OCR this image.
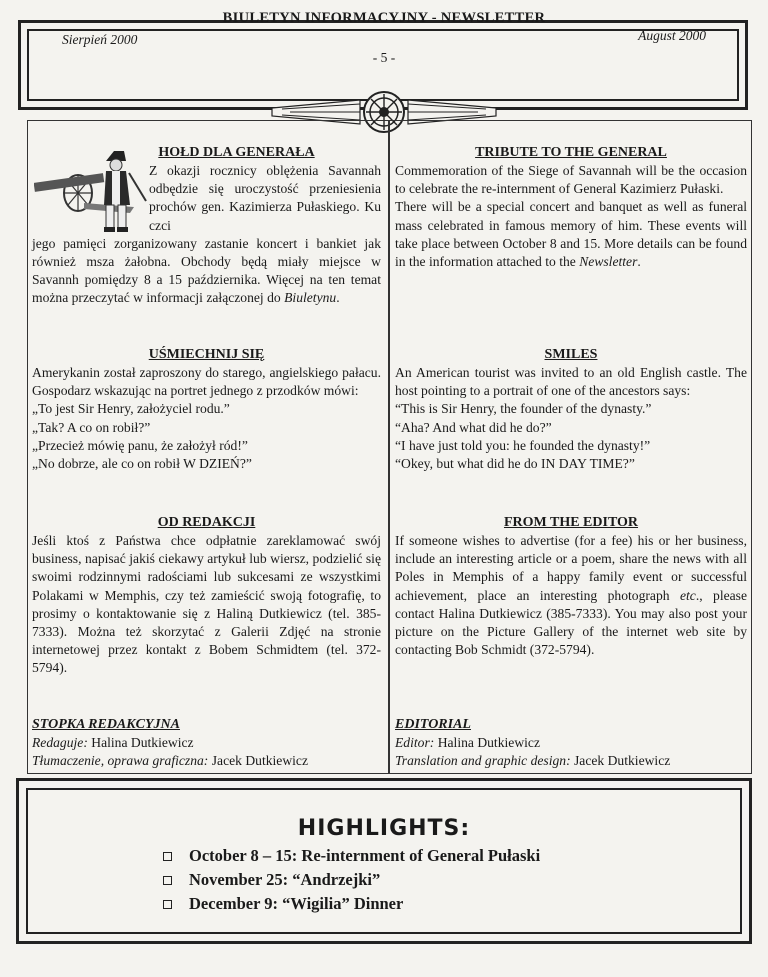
BIULETYN INFORMACYJNY - NEWSLETTER
Sierpień 2000	August 2000
- 5 -
HOŁD DLA GENERAŁA

Z okazji rocznicy oblężenia Savannah odbędzie się uroczystość przeniesienia prochów gen. Kazimierza Pułaskiego. Ku czci
jego pamięci zorganizowany zastanie koncert i bankiet jak również msza żałobna. Obchody będą miały miejsce w Savannh pomiędzy 8 a 15 października. Więcej na ten temat można przeczytać w informacji załączonej do Biuletynu.

UŚMIECHNIJ SIĘ

Amerykanin został zaproszony do starego, angielskiego pałacu. Gospodarz wskazując na portret jednego z przodków mówi:

„To jest Sir Henry, założyciel rodu.”
„Tak? A co on robił?”
„Przecież mówię panu, że założył ród!”
„No dobrze, ale co on robił W DZIEŃ?”
OD REDAKCJI

Jeśli ktoś z Państwa chce odpłatnie zareklamować swój business, napisać jakiś ciekawy artykuł lub wiersz, podzielić się swoimi rodzinnymi radościami lub sukcesami ze wszystkimi Polakami w Memphis, czy też zamieścić swoją fotografię, to prosimy o kontaktowanie się z Haliną Dutkiewicz (tel. 385-7333). Można też skorzytać z Galerii Zdjęć na stronie internetowej przez kontakt z Bobem Schmidtem (tel. 372-5794).

STOPKA REDAKCYJNA
Redaguje: Halina Dutkiewicz
Tłumaczenie, oprawa graficzna: Jacek Dutkiewicz
TRIBUTE TO THE GENERAL

Commemoration of the Siege of Savannah will be the occasion to celebrate the re-internment of General Kazimierz Pułaski.

There will be a special concert and banquet as well as funeral mass celebrated in famous memory of him. These events will take place between October 8 and 15. More details can be found in the information attached to the Newsletter.

SMILES

An American tourist was invited to an old English castle. The host pointing to a portrait of one of the ancestors says:

“This is Sir Henry, the founder of the dynasty.”
“Aha? And what did he do?”
“I have just told you: he founded the dynasty!”
“Okey, but what did he do IN DAY TIME?”
FROM THE EDITOR

If someone wishes to advertise (for a fee) his or her business, include an interesting article or a poem, share the news with all Poles in Memphis of a happy family event or successful achievement, place an interesting photograph etc., please contact Halina Dutkiewicz (385-7333). You may also post your picture on the Picture Gallery of the internet web site by contacting Bob Schmidt (372-5794).

EDITORIAL
Editor: Halina Dutkiewicz
Translation and graphic design: Jacek Dutkiewicz
HIGHLIGHTS:
October 8 – 15: Re-internment of General Pułaski
November 25: “Andrzejki”
December 9: “Wigilia” Dinner
